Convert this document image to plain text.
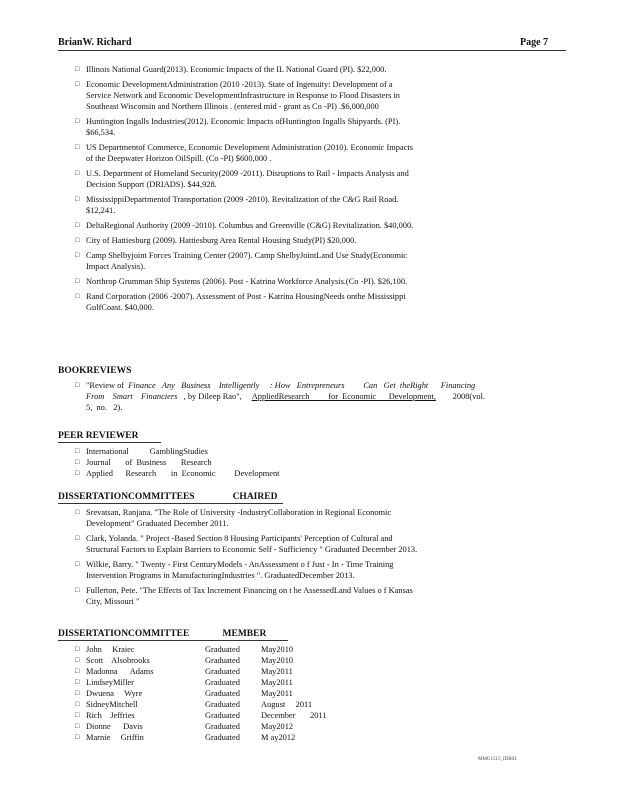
BrianW. Richard	Page 7
□ Illinois National Guard(2013). Economic Impacts of the IL National Guard (PI). $22,000.
□ Economic DevelopmentAdministration (2010 -2013). State of Ingenuity: Development of a
Service Network and Economic DevelopmentInfrastructure in Response to Flood Disasters in
Southeast Wisconsin and Northern Illinois . (entered mid - grant as Co -PI) .$6,000,000
□ Huntington Ingalls Industries(2012). Economic Impacts ofHuntington Ingalls Shipyards. (PI).
$66,534.
□ US Departmentof Commerce, Economic Development Administration (2010). Economic Impacts
of the Deepwater Horizon OilSpill. (Co -PI) $600,000 .
□ U.S. Department of Homeland Security(2009 -2011). Disruptions to Rail - Impacts Analysis and
Decision Support (DRIADS). $44,928.
□ MississippiDepartmentof Transportation (2009 -2010). Revitalization of the C&G Rail Road.
$12,241.
□ DeltaRegional Authority (2009 -2010). Columbus and Greenville (C&G) Revitalization. $40,000.
□ City of Hattiesburg (2009). Hattiesburg Area Rental Housing Study(PI) $20,000.
□ Camp Shelbyjoint Forces Training Center (2007). Camp ShelbyJointLand Use Study(Economic
Impact Analysis).
□ Northrop Grumman Ship Systems (2006). Post - Katrina Workforce Analysis.(Co -PI). $26,100.
□ Rand Corporation (2006 -2007). Assessment of Post - Katrina HousingNeeds onthe Mississippi
GulfCoast. $40,000.
BOOKREVIEWS
□ "Review of  Finance   Any   Business    Intelligently     : How   Entrepreneurs         Can   Get  theRight      Financing
From    Smart    Financiers   , by Dileep Rao",     AppliedResearch         for  Economic      Development,        2008(vol.
5,  no.   2).
PEER REVIEWER
□ International          GamblingStudies
□ Journal       of  Business       Research
□ Applied      Research       in  Economic         Development
DISSERTATIONCOMMITTEES                CHAIRED
□ Srevatsan, Ranjana. "The Role of University -IndustryCollaboration in Regional Economic
Development" Graduated December 2011.
□ Clark, Yolanda. " Project -Based Section 8 Housing Participants' Perception of Cultural and
Structural Factors to Explain Barriers to Economic Self - Sufficiency " Graduated December 2013.
□ Wilkie, Barry. " Twenty - First CenturyModels - AnAssessment o f Just - In - Time Training
Intervention Programs in ManufacturingIndustries ". GraduatedDecember 2013.
□ Fullerton, Pete. "The Effects of Tax Increment Financing on t he AssessedLand Values o f Kansas
City, Missouri "
DISSERTATIONCOMMITTEE              MEMBER
□ John     Kraiec	Graduated	May2010
□ Scott    Alsobrooks	Graduated	May2010
□ Madonna      Adams	Graduated	May2011
□ LindseyMiller	Graduated	May2011
□ Dwuena     Wyre	Graduated	May2011
□ SidneyMitchell	Graduated	August     2011
□ Rich    Jeffries	Graduated	December       2011
□ Dionne      Davis	Graduated	May2012
□ Marnie     Griffin	Graduated	M ay2012
MMG1515_IDB04
